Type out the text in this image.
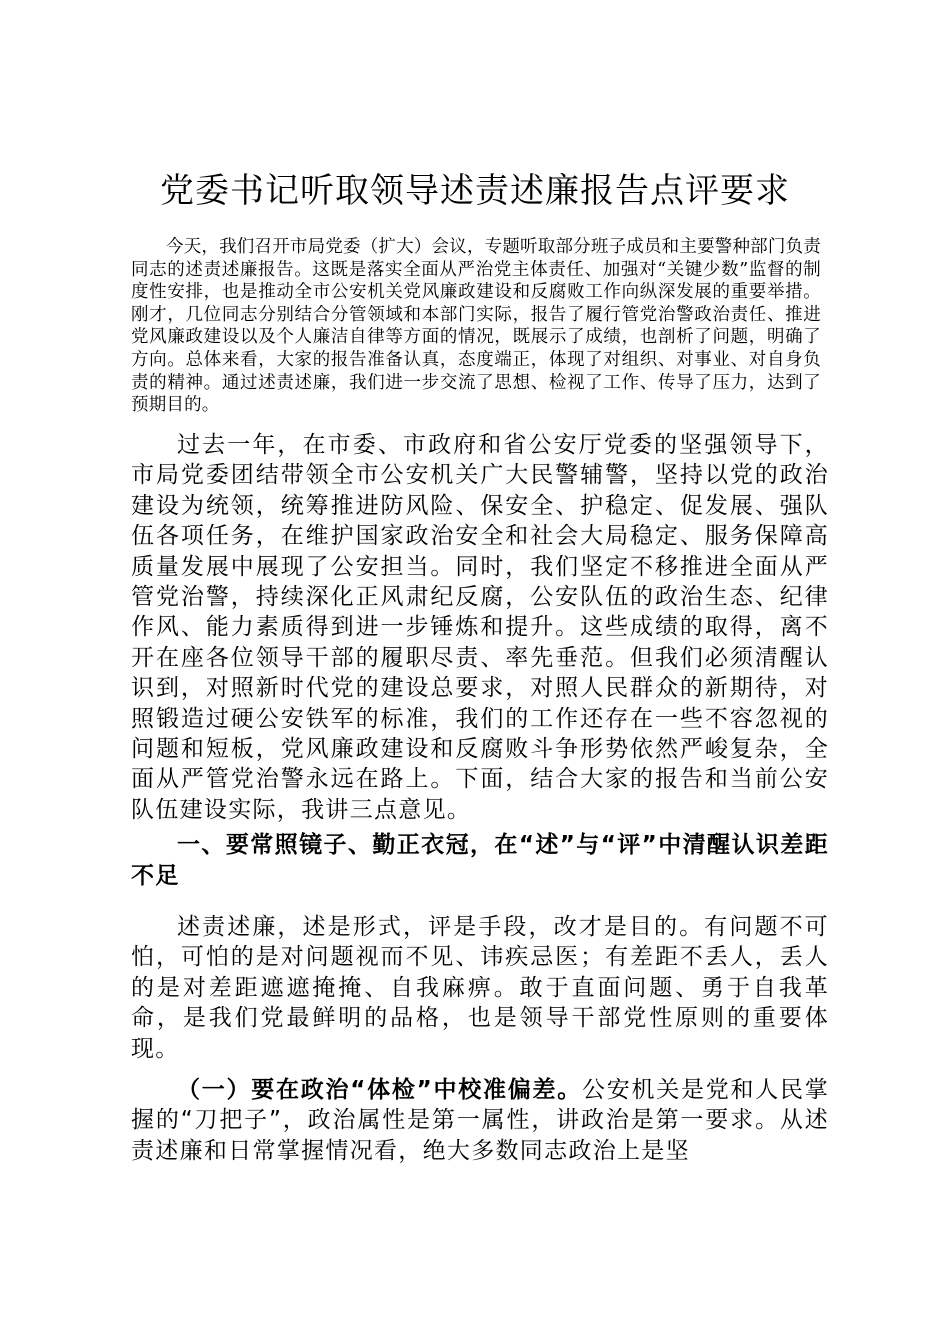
党委书记听取领导述责述廉报告点评要求

今天，我们召开市局党委（扩大）会议，专题听取部分班子成员和主要警种部门负责同志的述责述廉报告。这既是落实全面从严治党主体责任、加强对“关键少数”监督的制度性安排，也是推动全市公安机关党风廉政建设和反腐败工作向纵深发展的重要举措。刚才，几位同志分别结合分管领域和本部门实际，报告了履行管党治警政治责任、推进党风廉政建设以及个人廉洁自律等方面的情况，既展示了成绩，也剖析了问题，明确了方向。总体来看，大家的报告准备认真，态度端正，体现了对组织、对事业、对自身负责的精神。通过述责述廉，我们进一步交流了思想、检视了工作、传导了压力，达到了预期目的。

过去一年，在市委、市政府和省公安厅党委的坚强领导下，市局党委团结带领全市公安机关广大民警辅警，坚持以党的政治建设为统领，统筹推进防风险、保安全、护稳定、促发展、强队伍各项任务，在维护国家政治安全和社会大局稳定、服务保障高质量发展中展现了公安担当。同时，我们坚定不移推进全面从严管党治警，持续深化正风肃纪反腐，公安队伍的政治生态、纪律作风、能力素质得到进一步锤炼和提升。这些成绩的取得，离不开在座各位领导干部的履职尽责、率先垂范。但我们必须清醒认识到，对照新时代党的建设总要求，对照人民群众的新期待，对照锻造过硬公安铁军的标准，我们的工作还存在一些不容忽视的问题和短板，党风廉政建设和反腐败斗争形势依然严峻复杂，全面从严管党治警永远在路上。下面，结合大家的报告和当前公安队伍建设实际，我讲三点意见。

一、要常照镜子、勤正衣冠，在“述”与“评”中清醒认识差距不足

述责述廉，述是形式，评是手段，改才是目的。有问题不可怕，可怕的是对问题视而不见、讳疾忌医；有差距不丢人，丢人的是对差距遮遮掩掩、自我麻痹。敢于直面问题、勇于自我革命，是我们党最鲜明的品格，也是领导干部党性原则的重要体现。

（一）要在政治“体检”中校准偏差。公安机关是党和人民掌握的“刀把子”，政治属性是第一属性，讲政治是第一要求。从述责述廉和日常掌握情况看，绝大多数同志政治上是坚
